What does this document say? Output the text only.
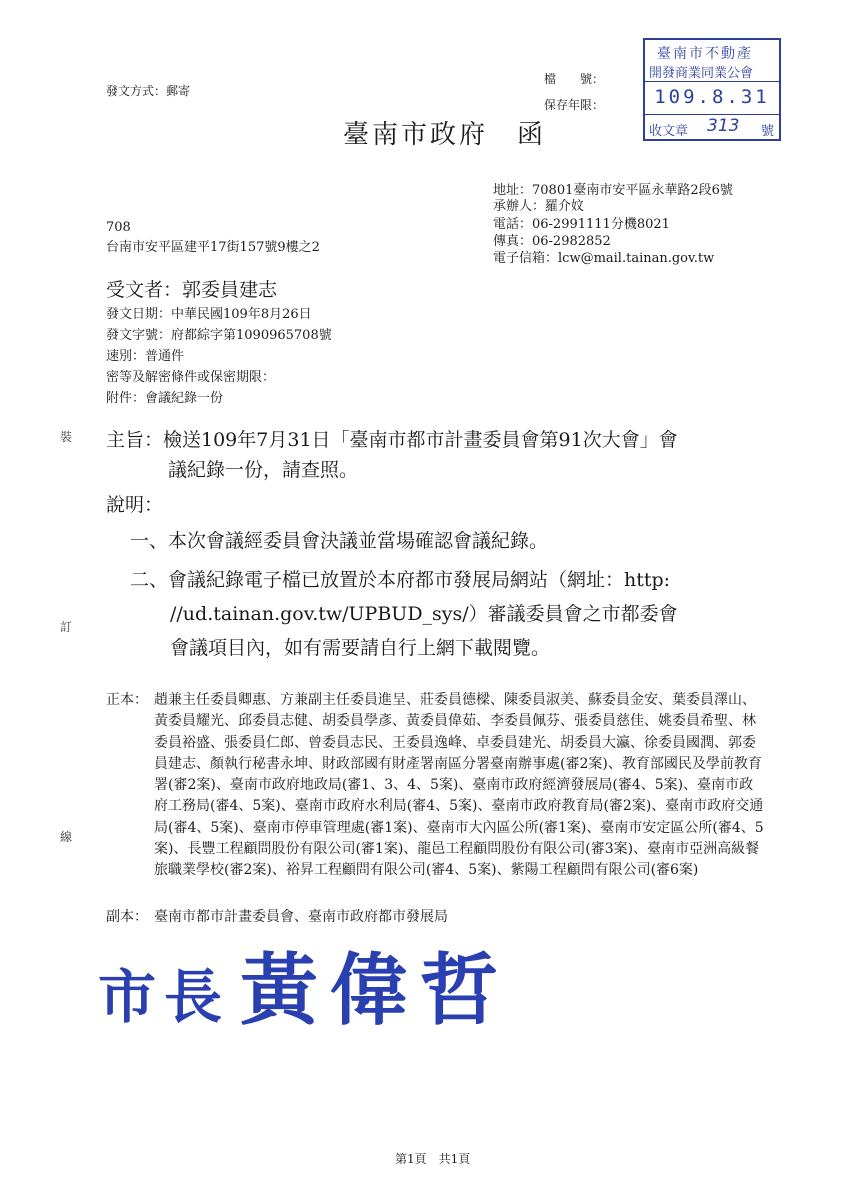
發文方式：郵寄
檔　　號：
保存年限：
臺南市政府　函
臺南市不動產
開發商業同業公會
109.8.31
收文章 313 號
地址：70801臺南市安平區永華路2段6號
承辦人：羅介妏
電話：06-2991111分機8021
傳真：06-2982852
電子信箱：lcw@mail.tainan.gov.tw
708
台南市安平區建平17街157號9樓之2
受文者：郭委員建志
發文日期：中華民國109年8月26日
發文字號：府都綜字第1090965708號
速別：普通件
密等及解密條件或保密期限：
附件：會議紀錄一份
裝
訂
線
主旨：檢送109年7月31日「臺南市都市計畫委員會第91次大會」會
議紀錄一份，請查照。
說明：
一、本次會議經委員會決議並當場確認會議紀錄。
二、會議紀錄電子檔已放置於本府都市發展局網站（網址：http:
//ud.tainan.gov.tw/UPBUD_sys/）審議委員會之市都委會
會議項目內，如有需要請自行上網下載閱覽。
正本： 趙兼主任委員卿惠、方兼副主任委員進呈、莊委員德樑、陳委員淑美、蘇委員金安、葉委員澤山、黃委員耀光、邱委員志健、胡委員學彥、黃委員偉茹、李委員佩芬、張委員慈佳、姚委員希聖、林委員裕盛、張委員仁郎、曾委員志民、王委員逸峰、卓委員建光、胡委員大瀛、徐委員國潤、郭委員建志、顏執行秘書永坤、財政部國有財產署南區分署臺南辦事處(審2案)、教育部國民及學前教育署(審2案)、臺南市政府地政局(審1、3、4、5案)、臺南市政府經濟發展局(審4、5案)、臺南市政府工務局(審4、5案)、臺南市政府水利局(審4、5案)、臺南市政府教育局(審2案)、臺南市政府交通局(審4、5案)、臺南市停車管理處(審1案)、臺南市大內區公所(審1案)、臺南市安定區公所(審4、5案)、長豐工程顧問股份有限公司(審1案)、龍邑工程顧問股份有限公司(審3案)、臺南市亞洲高級餐旅職業學校(審2案)、裕昇工程顧問有限公司(審4、5案)、紫陽工程顧問有限公司(審6案)
副本： 臺南市都市計畫委員會、臺南市政府都市發展局
市長 黃偉哲
第1頁　共1頁
